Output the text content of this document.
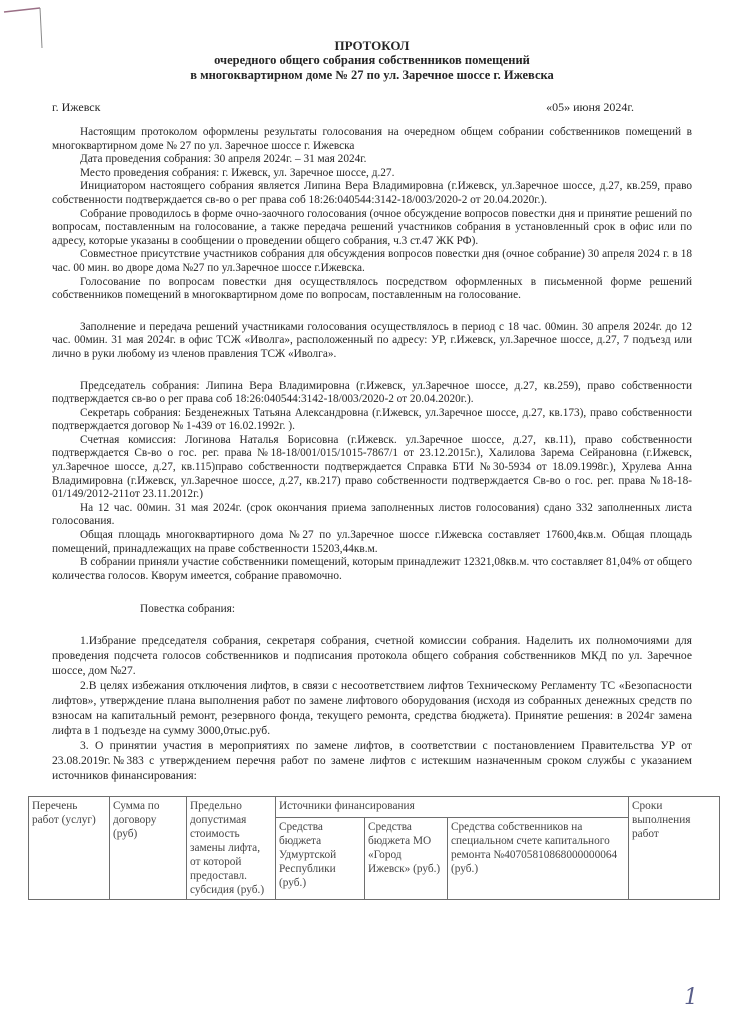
ПРОТОКОЛ
очередного общего собрания собственников помещений
в многоквартирном доме № 27 по ул. Заречное шоссе г. Ижевска
г. Ижевск	«05» июня 2024г.

Настоящим протоколом оформлены результаты голосования на очередном общем собрании собственников помещений в многоквартирном доме № 27 по ул. Заречное шоссе г. Ижевска

Дата проведения собрания: 30 апреля 2024г. – 31 мая 2024г.

Место проведения собрания: г. Ижевск, ул. Заречное шоссе, д.27.

Инициатором настоящего собрания является Липина Вера Владимировна (г.Ижевск, ул.Заречное шоссе, д.27, кв.259, право собственности подтверждается св-во о рег права соб 18:26:040544:3142-18/003/2020-2 от 20.04.2020г.).

Собрание проводилось в форме очно-заочного голосования (очное обсуждение вопросов повестки дня и принятие решений по вопросам, поставленным на голосование, а также передача решений участников собрания в установленный срок в офис или по адресу, которые указаны в сообщении о проведении общего собрания, ч.3 ст.47 ЖК РФ).

Совместное присутствие участников собрания для обсуждения вопросов повестки дня (очное собрание) 30 апреля 2024 г. в 18 час. 00 мин. во дворе дома №27 по ул.Заречное шоссе г.Ижевска.

Голосование по вопросам повестки дня осуществлялось посредством оформленных в письменной форме решений собственников помещений в многоквартирном доме по вопросам, поставленным на голосование.

Заполнение и передача решений участниками голосования осуществлялось в период с 18 час. 00мин. 30 апреля 2024г. до 12 час. 00мин. 31 мая 2024г. в офис ТСЖ «Иволга», расположенный по адресу: УР, г.Ижевск, ул.Заречное шоссе, д.27, 7 подъезд или лично в руки любому из членов правления ТСЖ «Иволга».

Председатель собрания: Липина Вера Владимировна (г.Ижевск, ул.Заречное шоссе, д.27, кв.259), право собственности подтверждается св-во о рег права соб 18:26:040544:3142-18/003/2020-2 от 20.04.2020г.).

Секретарь собрания: Безденежных Татьяна Александровна (г.Ижевск, ул.Заречное шоссе, д.27, кв.173), право собственности подтверждается договор № 1-439 от 16.02.1992г. ).

Счетная комиссия: Логинова Наталья Борисовна (г.Ижевск. ул.Заречное шоссе, д.27, кв.11), право собственности подтверждается Св-во о гос. рег. права №18-18/001/015/1015-7867/1 от 23.12.2015г.), Халилова Зарема Сейрановна (г.Ижевск, ул.Заречное шоссе, д.27, кв.115)право собственности подтверждается Справка БТИ №30-5934 от 18.09.1998г.), Хрулева Анна Владимировна (г.Ижевск, ул.Заречное шоссе, д.27, кв.217) право собственности подтверждается Св-во о гос. рег. права №18-18-01/149/2012-211от 23.11.2012г.)

На 12 час. 00мин. 31 мая 2024г. (срок окончания приема заполненных листов голосования) сдано 332 заполненных листа голосования.

Общая площадь многоквартирного дома №27 по ул.Заречное шоссе г.Ижевска составляет 17600,4кв.м. Общая площадь помещений, принадлежащих на праве собственности 15203,44кв.м.

В собрании приняли участие собственники помещений, которым принадлежит 12321,08кв.м. что составляет 81,04% от общего количества голосов. Кворум имеется, собрание правомочно.

Повестка собрания:

1.Избрание председателя собрания, секретаря собрания, счетной комиссии собрания. Наделить их полномочиями для проведения подсчета голосов собственников и подписания протокола общего собрания собственников МКД по ул. Заречное шоссе, дом №27.

2.В целях избежания отключения лифтов, в связи с несоответствием лифтов Техническому Регламенту ТС «Безопасности лифтов», утверждение плана выполнения работ по замене лифтового оборудования (исходя из собранных денежных средств по взносам на капитальный ремонт, резервного фонда, текущего ремонта, средства бюджета). Принятие решения: в 2024г замена лифта в 1 подъезде на сумму 3000,0тыс.руб.

3. О принятии участия в мероприятиях по замене лифтов, в соответствии с постановлением Правительства УР от 23.08.2019г.№383 с утверждением перечня работ по замене лифтов с истекшим назначенным сроком службы с указанием источников финансирования:

Перечень работ (услуг)	Сумма по договору (руб)	Предельно допустимая стоимость замены лифта, от которой предоставл. субсидия (руб.)	Источники финансирования			Сроки выполнения работ
			Средства бюджета Удмуртской Республики (руб.)	Средства бюджета МО «Город Ижевск» (руб.)	Средства собственников на специальном счете капитального ремонта №40705810868000000064 (руб.)	
1
